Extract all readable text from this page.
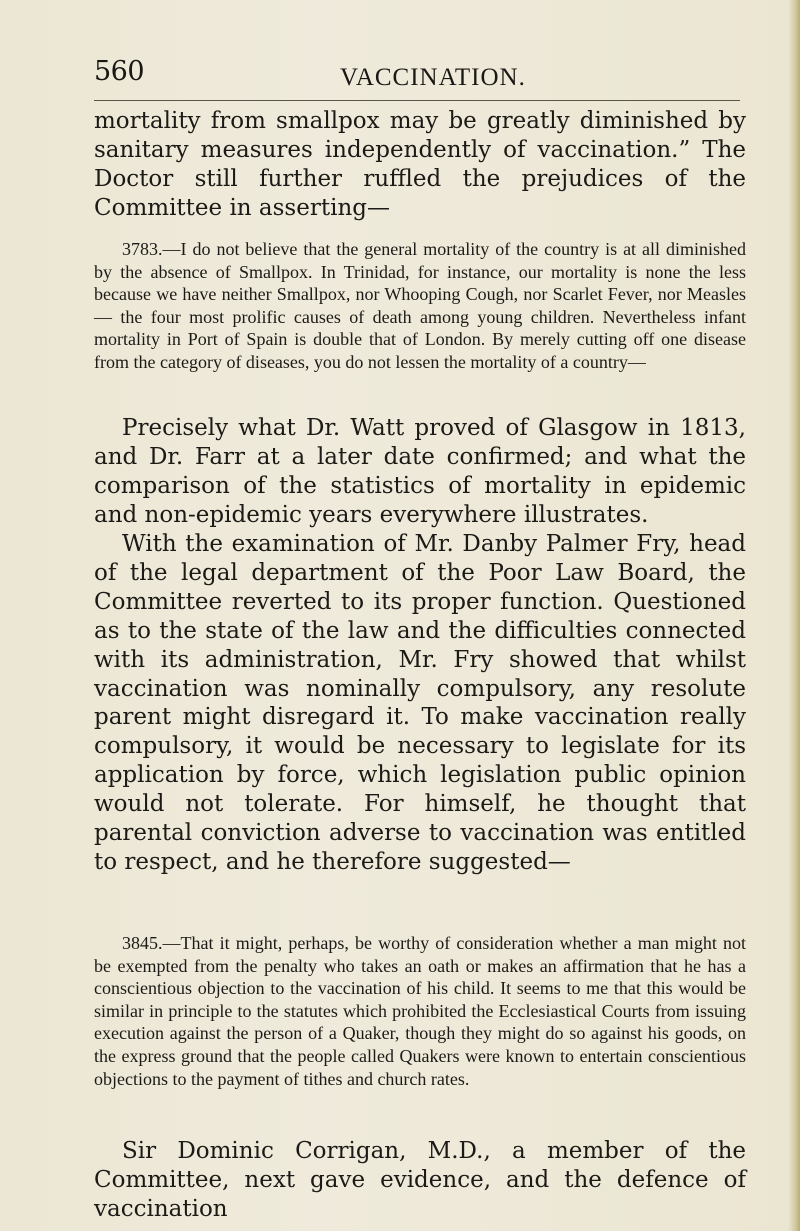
560	VACCINATION.

mortality from smallpox may be greatly diminished by sanitary measures independently of vaccination.” The Doctor still further ruffled the prejudices of the Committee in asserting—

3783.—I do not believe that the general mortality of the country is at all diminished by the absence of Smallpox. In Trinidad, for instance, our mortality is none the less because we have neither Smallpox, nor Whooping Cough, nor Scarlet Fever, nor Measles— the four most prolific causes of death among young children. Nevertheless infant mortality in Port of Spain is double that of London. By merely cutting off one disease from the category of diseases, you do not lessen the mortality of a country—

Precisely what Dr. Watt proved of Glasgow in 1813, and Dr. Farr at a later date confirmed; and what the comparison of the statistics of mortality in epidemic and non-epidemic years everywhere illustrates.

With the examination of Mr. Danby Palmer Fry, head of the legal department of the Poor Law Board, the Committee reverted to its proper function. Questioned as to the state of the law and the difficulties connected with its administration, Mr. Fry showed that whilst vaccination was nominally compulsory, any resolute parent might disregard it. To make vaccination really compulsory, it would be necessary to legislate for its application by force, which legislation public opinion would not tolerate. For himself, he thought that parental conviction adverse to vaccination was entitled to respect, and he therefore suggested—

3845.—That it might, perhaps, be worthy of consideration whether a man might not be exempted from the penalty who takes an oath or makes an affirmation that he has a conscientious objection to the vaccination of his child. It seems to me that this would be similar in principle to the statutes which prohibited the Ecclesiastical Courts from issuing execution against the person of a Quaker, though they might do so against his goods, on the express ground that the people called Quakers were known to entertain conscientious objections to the payment of tithes and church rates.

Sir Dominic Corrigan, M.D., a member of the Committee, next gave evidence, and the defence of vaccination
